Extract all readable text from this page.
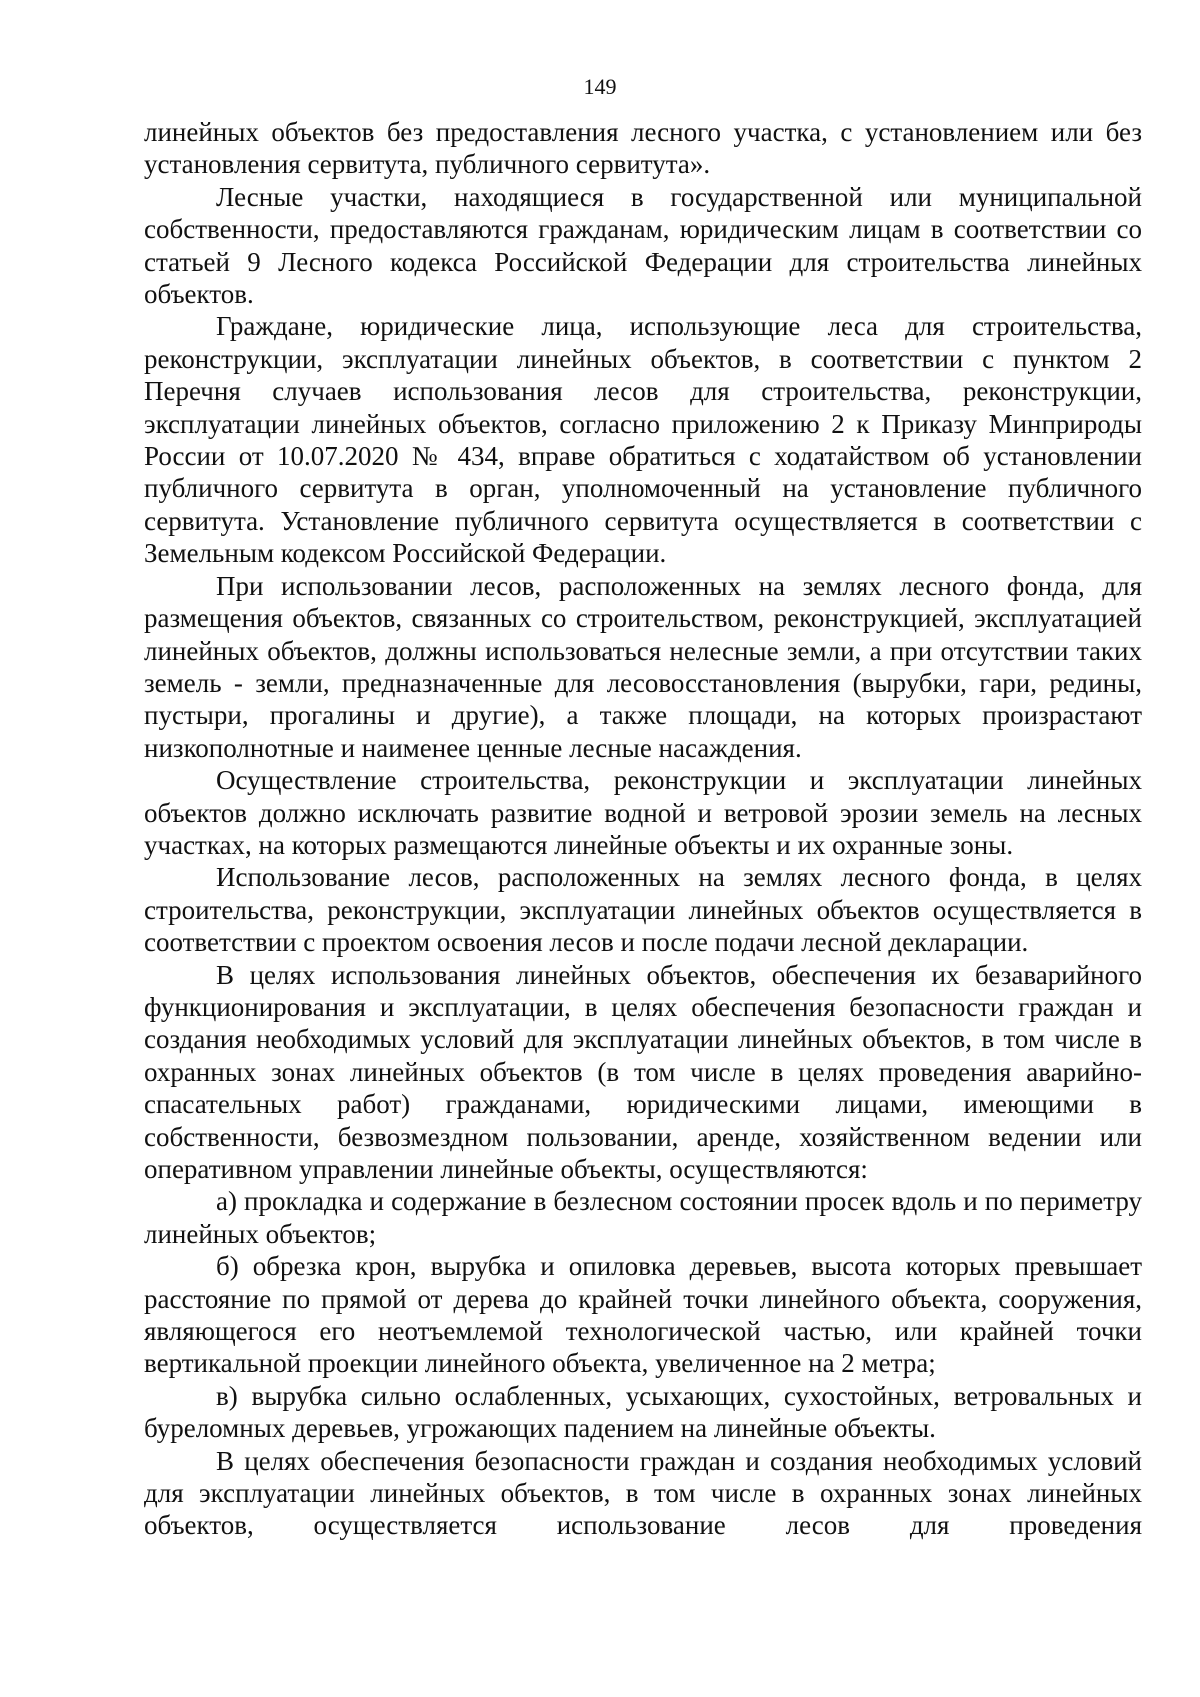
149

линейных объектов без предоставления лесного участка, с установлением или без установления сервитута, публичного сервитута».

Лесные участки, находящиеся в государственной или муниципальной собственности, предоставляются гражданам, юридическим лицам в соответствии со статьей 9 Лесного кодекса Российской Федерации для строительства линейных объектов.

Граждане, юридические лица, использующие леса для строительства, реконструкции, эксплуатации линейных объектов, в соответствии с пунктом 2 Перечня случаев использования лесов для строительства, реконструкции, эксплуатации линейных объектов, согласно приложению 2 к Приказу Минприроды России от 10.07.2020 № 434, вправе обратиться с ходатайством об установлении публичного сервитута в орган, уполномоченный на установление публичного сервитута. Установление публичного сервитута осуществляется в соответствии с Земельным кодексом Российской Федерации.

При использовании лесов, расположенных на землях лесного фонда, для размещения объектов, связанных со строительством, реконструкцией, эксплуатацией линейных объектов, должны использоваться нелесные земли, а при отсутствии таких земель - земли, предназначенные для лесовосстановления (вырубки, гари, редины, пустыри, прогалины и другие), а также площади, на которых произрастают низкополнотные и наименее ценные лесные насаждения.

Осуществление строительства, реконструкции и эксплуатации линейных объектов должно исключать развитие водной и ветровой эрозии земель на лесных участках, на которых размещаются линейные объекты и их охранные зоны.

Использование лесов, расположенных на землях лесного фонда, в целях строительства, реконструкции, эксплуатации линейных объектов осуществляется в соответствии с проектом освоения лесов и после подачи лесной декларации.

В целях использования линейных объектов, обеспечения их безаварийного функционирования и эксплуатации, в целях обеспечения безопасности граждан и создания необходимых условий для эксплуатации линейных объектов, в том числе в охранных зонах линейных объектов (в том числе в целях проведения аварийно-спасательных работ) гражданами, юридическими лицами, имеющими в собственности, безвозмездном пользовании, аренде, хозяйственном ведении или оперативном управлении линейные объекты, осуществляются:

а) прокладка и содержание в безлесном состоянии просек вдоль и по периметру линейных объектов;

б) обрезка крон, вырубка и опиловка деревьев, высота которых превышает расстояние по прямой от дерева до крайней точки линейного объекта, сооружения, являющегося его неотъемлемой технологической частью, или крайней точки вертикальной проекции линейного объекта, увеличенное на 2 метра;

в) вырубка сильно ослабленных, усыхающих, сухостойных, ветровальных и буреломных деревьев, угрожающих падением на линейные объекты.

В целях обеспечения безопасности граждан и создания необходимых условий для эксплуатации линейных объектов, в том числе в охранных зонах линейных объектов, осуществляется использование лесов для проведения
